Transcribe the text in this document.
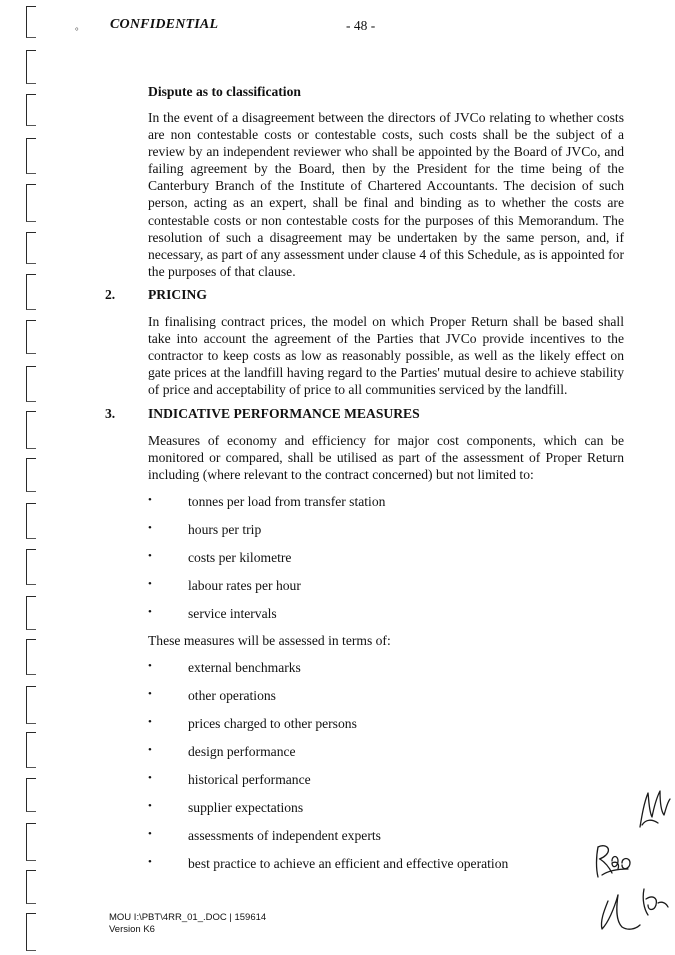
° CONFIDENTIAL	- 48 -
Dispute as to classification
In the event of a disagreement between the directors of JVCo relating to whether costs are non contestable costs or contestable costs, such costs shall be the subject of a review by an independent reviewer who shall be appointed by the Board of JVCo, and failing agreement by the Board, then by the President for the time being of the Canterbury Branch of the Institute of Chartered Accountants. The decision of such person, acting as an expert, shall be final and binding as to whether the costs are contestable costs or non contestable costs for the purposes of this Memorandum. The resolution of such a disagreement may be undertaken by the same person, and, if necessary, as part of any assessment under clause 4 of this Schedule, as is appointed for the purposes of that clause.
2. PRICING
In finalising contract prices, the model on which Proper Return shall be based shall take into account the agreement of the Parties that JVCo provide incentives to the contractor to keep costs as low as reasonably possible, as well as the likely effect on gate prices at the landfill having regard to the Parties' mutual desire to achieve stability of price and acceptability of price to all communities serviced by the landfill.
3. INDICATIVE PERFORMANCE MEASURES
Measures of economy and efficiency for major cost components, which can be monitored or compared, shall be utilised as part of the assessment of Proper Return including (where relevant to the contract concerned) but not limited to:
•	tonnes per load from transfer station
•	hours per trip
•	costs per kilometre
•	labour rates per hour
•	service intervals
These measures will be assessed in terms of:
•	external benchmarks
•	other operations
•	prices charged to other persons
•	design performance
•	historical performance
•	supplier expectations
•	assessments of independent experts
•	best practice to achieve an efficient and effective operation
MOU I:\PBT\4RR_01_.DOC | 159614
Version K6
